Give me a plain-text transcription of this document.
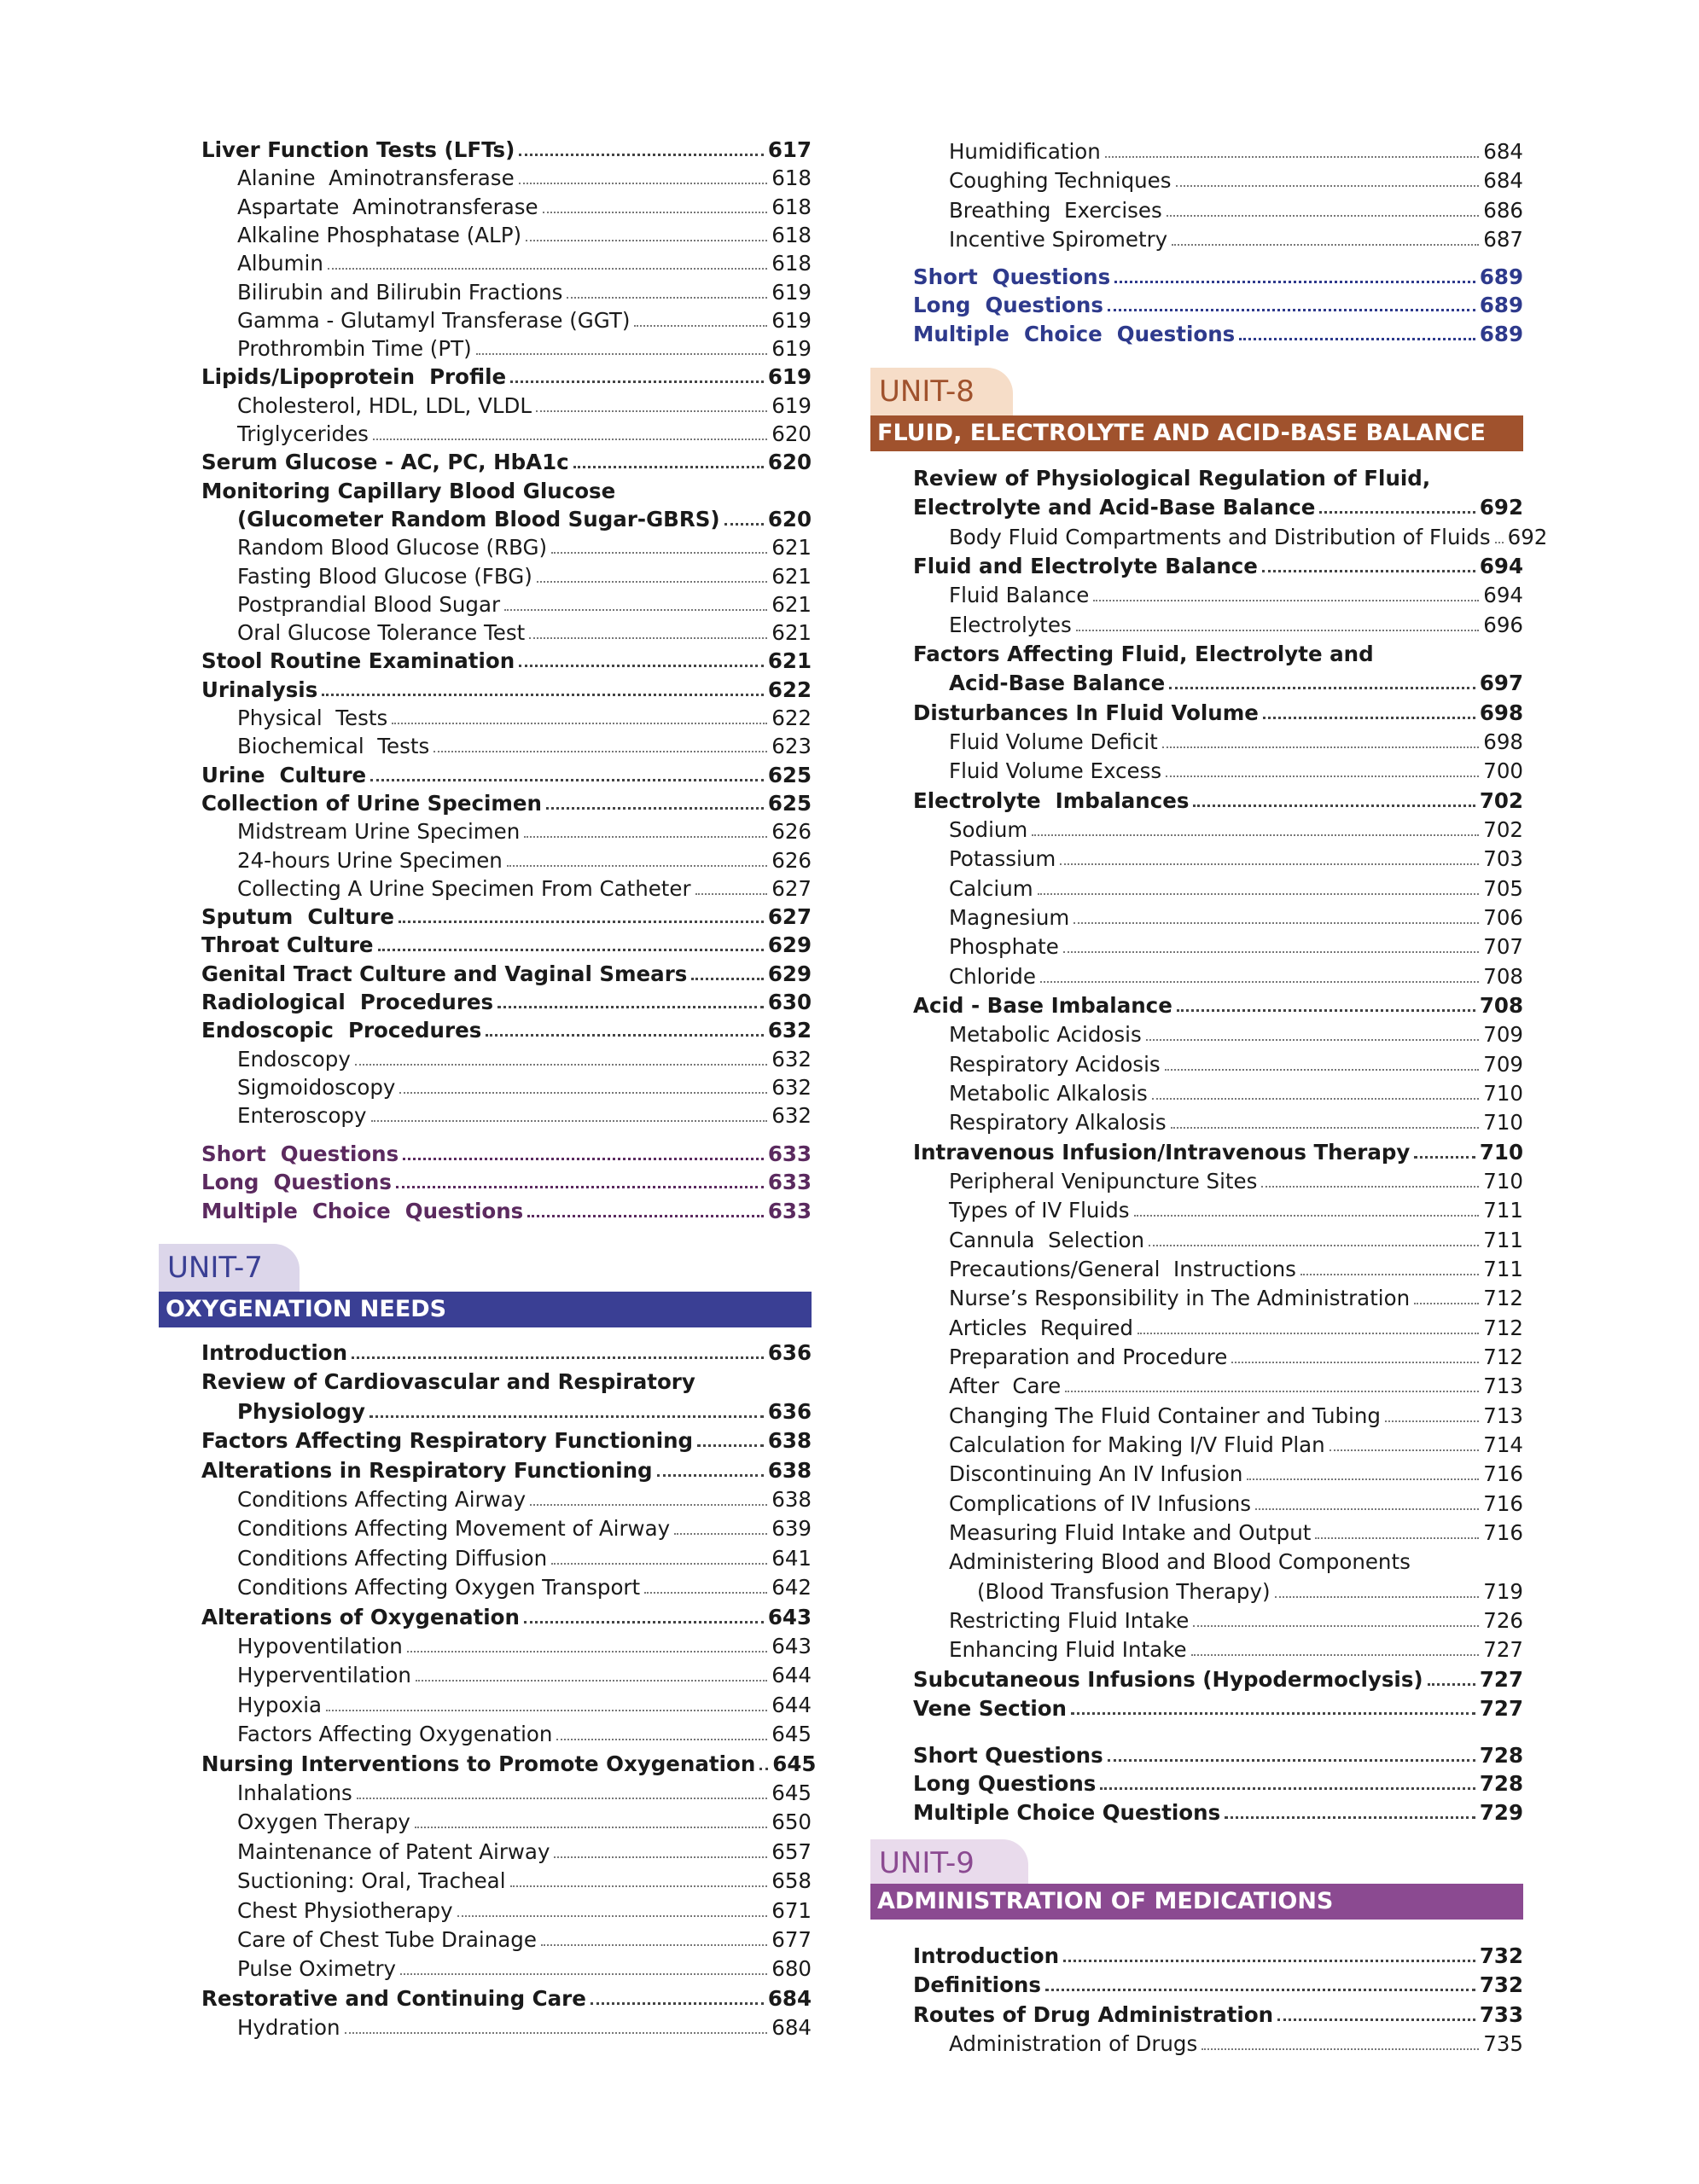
Liver Function Tests (LFTs)	617
Alanine  Aminotransferase	618
Aspartate  Aminotransferase	618
Alkaline Phosphatase (ALP)	618
Albumin	618
Bilirubin and Bilirubin Fractions	619
Gamma - Glutamyl Transferase (GGT)	619
Prothrombin Time (PT)	619
Lipids/Lipoprotein  Profile	619
Cholesterol, HDL, LDL, VLDL	619
Triglycerides	620
Serum Glucose - AC, PC, HbA1c	620
Monitoring Capillary Blood Glucose
(Glucometer Random Blood Sugar-GBRS) 620
Random Blood Glucose (RBG)	621
Fasting Blood Glucose (FBG)	621
Postprandial Blood Sugar	621
Oral Glucose Tolerance Test	621
Stool Routine Examination	621
Urinalysis	622
Physical  Tests	622
Biochemical  Tests	623
Urine  Culture	625
Collection of Urine Specimen	625
Midstream Urine Specimen	626
24-hours Urine Specimen	626
Collecting A Urine Specimen From Catheter	627
Sputum  Culture	627
Throat Culture	629
Genital Tract Culture and Vaginal Smears	629
Radiological  Procedures	630
Endoscopic  Procedures	632
Endoscopy	632
Sigmoidoscopy	632
Enteroscopy	632
Short  Questions	633
Long  Questions	633
Multiple  Choice  Questions	633
UNIT-7
OXYGENATION NEEDS
Introduction	636
Review of Cardiovascular and Respiratory
Physiology	636
Factors Affecting Respiratory Functioning	638
Alterations in Respiratory Functioning	638
Conditions Affecting Airway	638
Conditions Affecting Movement of Airway	639
Conditions Affecting Diffusion	641
Conditions Affecting Oxygen Transport	642
Alterations of Oxygenation	643
Hypoventilation	643
Hyperventilation	644
Hypoxia	644
Factors Affecting Oxygenation	645
Nursing Interventions to Promote Oxygenation 645
Inhalations	645
Oxygen Therapy	650
Maintenance of Patent Airway	657
Suctioning: Oral, Tracheal	658
Chest Physiotherapy	671
Care of Chest Tube Drainage	677
Pulse Oximetry	680
Restorative and Continuing Care	684
Hydration	684
Humidification	684
Coughing Techniques	684
Breathing  Exercises	686
Incentive Spirometry	687
Short  Questions	689
Long  Questions	689
Multiple  Choice  Questions	689
UNIT-8
FLUID, ELECTROLYTE AND ACID-BASE BALANCE
Review of Physiological Regulation of Fluid,
Electrolyte and Acid-Base Balance	692
Body Fluid Compartments and Distribution of Fluids 692
Fluid and Electrolyte Balance	694
Fluid Balance	694
Electrolytes	696
Factors Affecting Fluid, Electrolyte and
Acid-Base Balance	697
Disturbances In Fluid Volume	698
Fluid Volume Deficit	698
Fluid Volume Excess	700
Electrolyte  Imbalances	702
Sodium	702
Potassium	703
Calcium	705
Magnesium	706
Phosphate	707
Chloride	708
Acid - Base Imbalance	708
Metabolic Acidosis	709
Respiratory Acidosis	709
Metabolic Alkalosis	710
Respiratory Alkalosis	710
Intravenous Infusion/Intravenous Therapy	710
Peripheral Venipuncture Sites	710
Types of IV Fluids	711
Cannula  Selection	711
Precautions/General  Instructions	711
Nurse’s Responsibility in The Administration	712
Articles  Required	712
Preparation and Procedure	712
After  Care	713
Changing The Fluid Container and Tubing	713
Calculation for Making I/V Fluid Plan	714
Discontinuing An IV Infusion	716
Complications of IV Infusions	716
Measuring Fluid Intake and Output	716
Administering Blood and Blood Components
(Blood Transfusion Therapy)	719
Restricting Fluid Intake	726
Enhancing Fluid Intake	727
Subcutaneous Infusions (Hypodermoclysis)	727
Vene Section	727
Short Questions	728
Long Questions	728
Multiple Choice Questions	729
UNIT-9
ADMINISTRATION OF MEDICATIONS
Introduction	732
Definitions	732
Routes of Drug Administration	733
Administration of Drugs	735
